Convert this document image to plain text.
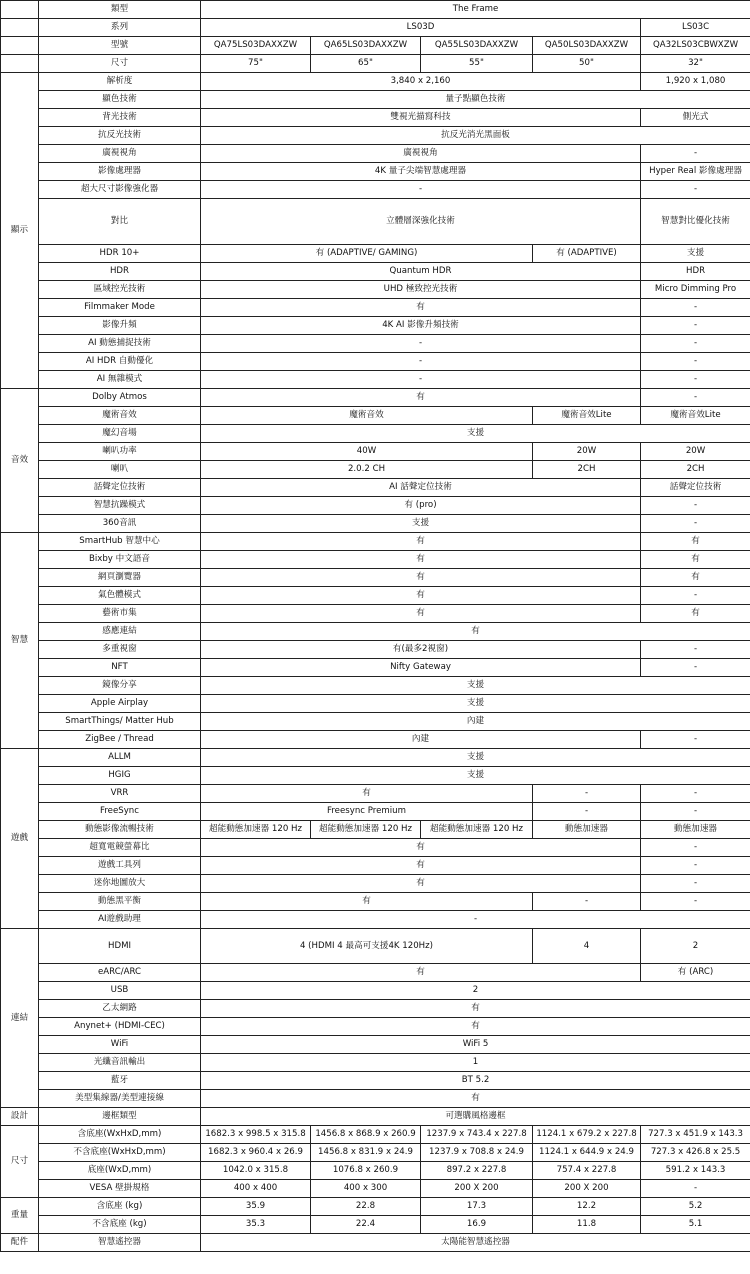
	類型	The Frame				
	系列	LS03D				LS03C
	型號	QA75LS03DAXXZW	QA65LS03DAXXZW	QA55LS03DAXXZW	QA50LS03DAXXZW	QA32LS03CBWXZW
	尺寸	75"	65"	55"	50"	32"
顯示	解析度	3,840 x 2,160				1,920 x 1,080
	顯色技術	量子點顯色技術				
	背光技術	雙視光描寫科技				側光式
	抗反光技術	抗反光消光黑面板				
	廣視視角	廣視視角				-
	影像處理器	4K 量子尖端智慧處理器				Hyper Real 影像處理器
	超大尺寸影像強化器	-				-
	對比	立體層深強化技術				智慧對比優化技術
	HDR 10+	有 (ADAPTIVE/ GAMING)			有 (ADAPTIVE)	支援
	HDR	Quantum HDR				HDR
	區域控光技術	UHD 極致控光技術				Micro Dimming Pro
	Filmmaker Mode	有				-
	影像升頻	4K AI 影像升頻技術				-
	AI 動態捕捉技術	-				-
	AI HDR 自動優化	-				-
	AI 無雜模式	-				-
音效	Dolby Atmos	有				-
	魔術音效	魔術音效			魔術音效Lite	魔術音效Lite
	魔幻音場	支援				
	喇叭功率	40W			20W	20W
	喇叭	2.0.2 CH			2CH	2CH
	話聲定位技術	AI 話聲定位技術				話聲定位技術
	智慧抗躁模式	有 (pro)				-
	360音訊	支援				-
智慧	SmartHub 智慧中心	有				有
	Bixby 中文語音	有				有
	網頁瀏覽器	有				有
	氣色體模式	有				-
	藝術市集	有				有
	感應連結	有				
	多重視窗	有(最多2視窗)				-
	NFT	Nifty Gateway				-
	鏡像分享	支援				
	Apple Airplay	支援				
	SmartThings/ Matter Hub	內建				
	ZigBee / Thread	內建				-
遊戲	ALLM	支援				
	HGIG	支援				
	VRR	有			-	-
	FreeSync	Freesync Premium			-	-
	動態影像流暢技術	超能動態加速器 120 Hz	超能動態加速器 120 Hz	超能動態加速器 120 Hz	動態加速器	動態加速器
	超寬電競螢幕比	有				-
	遊戲工具列	有				-
	迷你地圖放大	有				-
	動態黑平衡	有			-	-
	AI遊戲助理	-				
連結	HDMI	4 (HDMI 4 最高可支援4K 120Hz)			4	2
	eARC/ARC	有				有 (ARC)
	USB	2				
	乙太網路	有				
	Anynet+ (HDMI-CEC)	有				
	WiFi	WiFi 5				
	光纖音訊輸出	1				
	藍牙	BT 5.2				
	美型集線器/美型連接線	有				
設計	邊框類型	可選購風格邊框				
尺寸	含底座(WxHxD,mm)	1682.3 x 998.5 x 315.8	1456.8 x 868.9 x 260.9	1237.9 x 743.4 x 227.8	1124.1 x 679.2 x 227.8	727.3 x 451.9 x 143.3
	不含底座(WxHxD,mm)	1682.3 x 960.4 x 26.9	1456.8 x 831.9 x 24.9	1237.9 x 708.8 x 24.9	1124.1 x 644.9 x 24.9	727.3 x 426.8 x 25.5
	底座(WxD,mm)	1042.0 x 315.8	1076.8 x 260.9	897.2 x 227.8	757.4 x 227.8	591.2 x 143.3
	VESA 壁掛規格	400 x 400	400 x 300	200 X 200	200 X 200	-
重量	含底座 (kg)	35.9	22.8	17.3	12.2	5.2
	不含底座 (kg)	35.3	22.4	16.9	11.8	5.1
配件	智慧遙控器	太陽能智慧遙控器				
